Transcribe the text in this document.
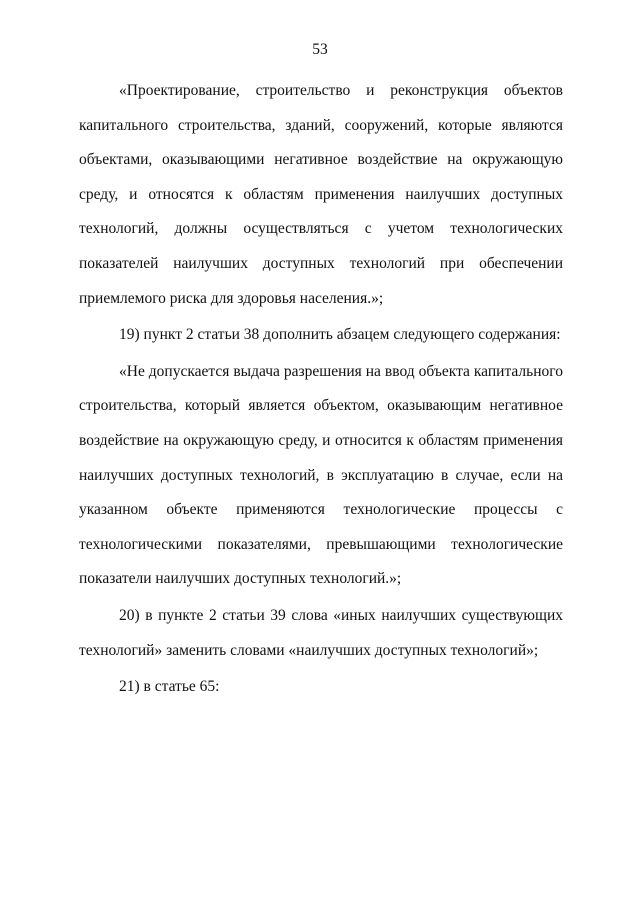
53

«Проектирование, строительство и реконструкция объектов капитального строительства, зданий, сооружений, которые являются объектами, оказывающими негативное воздействие на окружающую среду, и относятся к областям применения наилучших доступных технологий, должны осуществляться с учетом технологических показателей наилучших доступных технологий при обеспечении приемлемого риска для здоровья населения.»;

19) пункт 2 статьи 38 дополнить абзацем следующего содержания:

«Не допускается выдача разрешения на ввод объекта капитального строительства, который является объектом, оказывающим негативное воздействие на окружающую среду, и относится к областям применения наилучших доступных технологий, в эксплуатацию в случае, если на указанном объекте применяются технологические процессы с технологическими показателями, превышающими технологические показатели наилучших доступных технологий.»;

20) в пункте 2 статьи 39 слова «иных наилучших существующих технологий» заменить словами «наилучших доступных технологий»;

21) в статье 65:
